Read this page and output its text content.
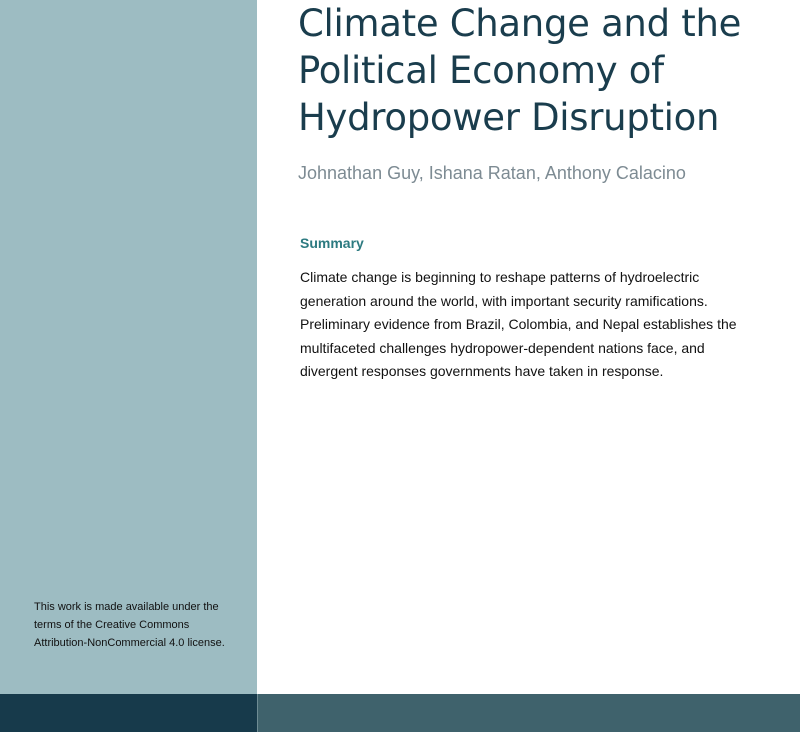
This work is made available under the terms of the Creative Commons Attribution-NonCommercial 4.0 license.
Climate Change and the Political Economy of Hydropower Disruption
Johnathan Guy, Ishana Ratan, Anthony Calacino
Summary

Climate change is beginning to reshape patterns of hydroelectric generation around the world, with important security ramifications. Preliminary evidence from Brazil, Colombia, and Nepal establishes the multifaceted challenges hydropower-dependent nations face, and divergent responses governments have taken in response.
